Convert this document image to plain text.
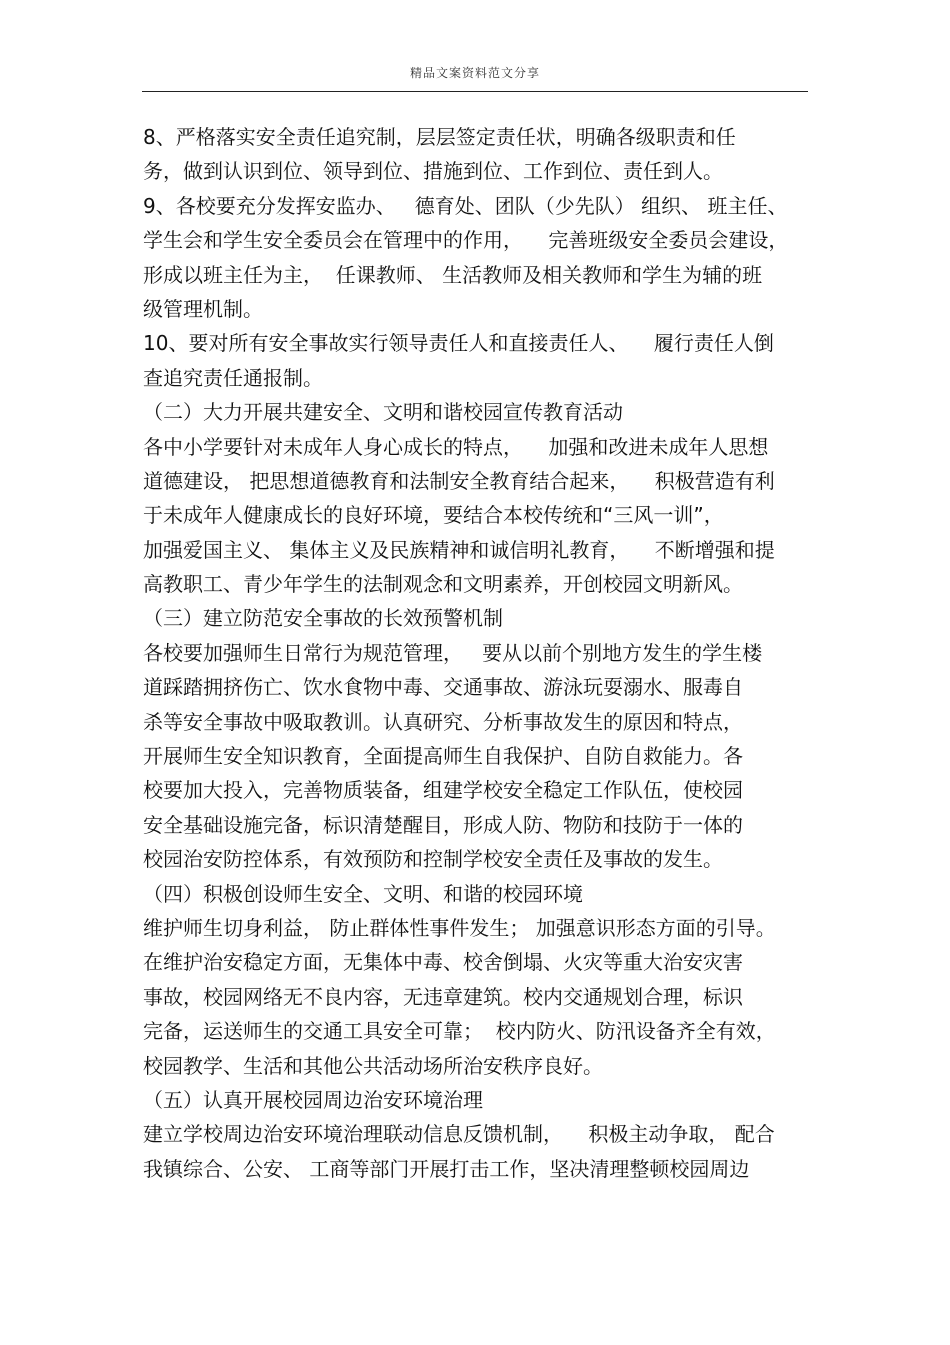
精品文案资料范文分享
8、严格落实安全责任追究制，层层签定责任状，明确各级职责和任
务，做到认识到位、领导到位、措施到位、工作到位、责任到人。
9、各校要充分发挥安监办、   德育处、团队（少先队） 组织、 班主任、
学生会和学生安全委员会在管理中的作用，    完善班级安全委员会建设，
形成以班主任为主，  任课教师、 生活教师及相关教师和学生为辅的班
级管理机制。
10、要对所有安全事故实行领导责任人和直接责任人、    履行责任人倒
查追究责任通报制。
（二）大力开展共建安全、文明和谐校园宣传教育活动
各中小学要针对未成年人身心成长的特点，    加强和改进未成年人思想
道德建设， 把思想道德教育和法制安全教育结合起来，    积极营造有利
于未成年人健康成长的良好环境，要结合本校传统和“三风一训”，
加强爱国主义、 集体主义及民族精神和诚信明礼教育，    不断增强和提
高教职工、青少年学生的法制观念和文明素养，开创校园文明新风。
（三）建立防范安全事故的长效预警机制
各校要加强师生日常行为规范管理，   要从以前个别地方发生的学生楼
道踩踏拥挤伤亡、饮水食物中毒、交通事故、游泳玩耍溺水、服毒自
杀等安全事故中吸取教训。认真研究、分析事故发生的原因和特点，
开展师生安全知识教育，全面提高师生自我保护、自防自救能力。各
校要加大投入，完善物质装备，组建学校安全稳定工作队伍，使校园
安全基础设施完备，标识清楚醒目，形成人防、物防和技防于一体的
校园治安防控体系，有效预防和控制学校安全责任及事故的发生。
（四）积极创设师生安全、文明、和谐的校园环境
维护师生切身利益， 防止群体性事件发生； 加强意识形态方面的引导。
在维护治安稳定方面，无集体中毒、校舍倒塌、火灾等重大治安灾害
事故，校园网络无不良内容，无违章建筑。校内交通规划合理，标识
完备，运送师生的交通工具安全可靠；  校内防火、防汛设备齐全有效，
校园教学、生活和其他公共活动场所治安秩序良好。
（五）认真开展校园周边治安环境治理
建立学校周边治安环境治理联动信息反馈机制，    积极主动争取， 配合
我镇综合、公安、 工商等部门开展打击工作，坚决清理整顿校园周边
